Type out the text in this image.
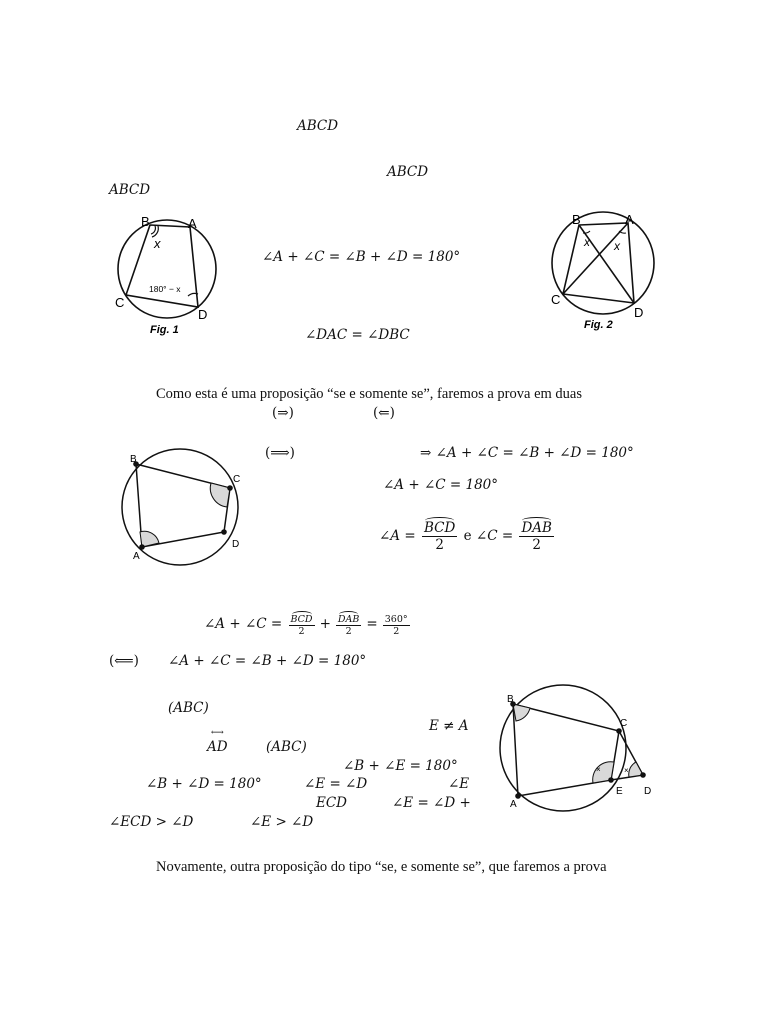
ABCD
ABCD
ABCD
B	A
C
D
x
180° − x
Fig. 1
∠A + ∠C = ∠B + ∠D = 180°
∠DAC = ∠DBC
B	A
C
D
x x
Fig. 2
Como esta é uma proposição “se e somente se”, faremos a prova em duas
(⇒)	(⇐)
B
C
A
D
(⟹)	⇒ ∠A + ∠C = ∠B + ∠D = 180°
∠A + ∠C = 180°
∠A = $\frac{\text{BCD}}{2}$ e ∠C = $\frac{\text{DAB}}{2}$
∠A + ∠C = $\frac{\text{BCD}}{2} + \frac{\text{DAB}}{2} = \frac{360^\circ}{2}$
(⟸) ∠A + ∠C = ∠B + ∠D = 180°
(ABC)
E ≠ A
⟷ AD	(ABC)
∠B + ∠E = 180°
∠B + ∠D = 180°	∠E = ∠D	∠E
ECD	∠E = ∠D +
∠ECD > ∠D	∠E > ∠D
×	×
B
C
A
E D
Novamente, outra proposição do tipo “se, e somente se”, que faremos a prova
